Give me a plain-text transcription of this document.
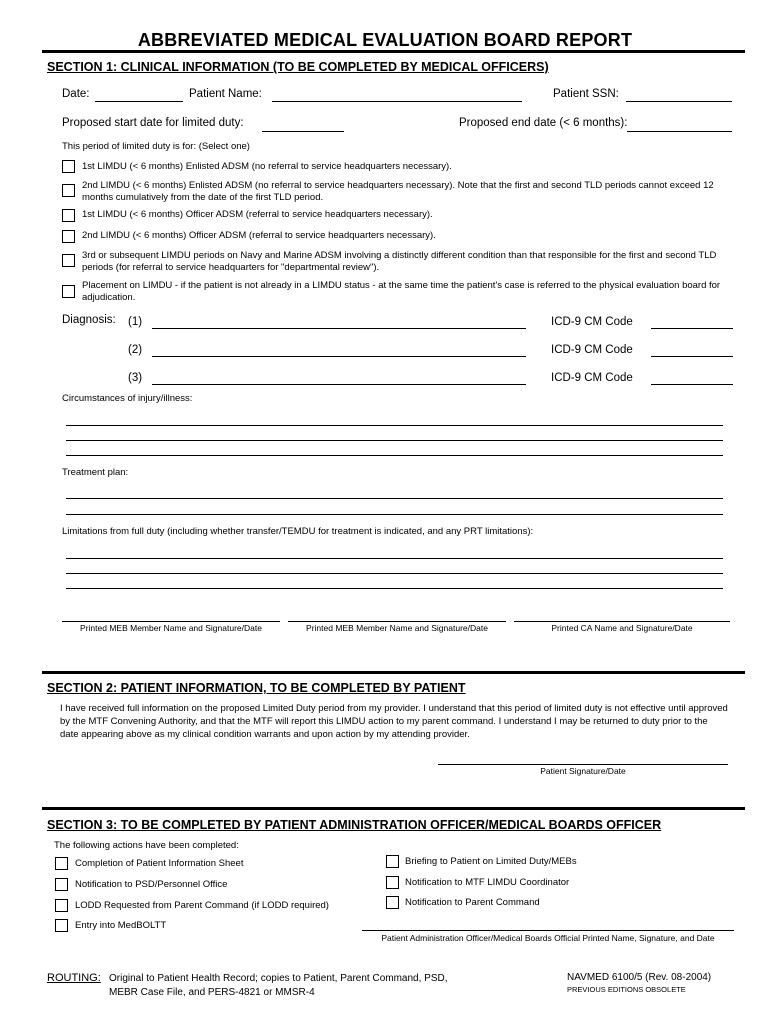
ABBREVIATED MEDICAL EVALUATION BOARD REPORT
SECTION 1: CLINICAL INFORMATION (TO BE COMPLETED BY MEDICAL OFFICERS)
Date:	Patient Name:	Patient SSN:
Proposed start date for limited duty:	Proposed end date (< 6 months):
This period of limited duty is for: (Select one)
1st LIMDU (< 6 months) Enlisted ADSM (no referral to service headquarters necessary).
2nd LIMDU (< 6 months) Enlisted ADSM (no referral to service headquarters necessary). Note that the first and second TLD periods cannot exceed 12 months cumulatively from the date of the first TLD period.
1st LIMDU (< 6 months) Officer ADSM (referral to service headquarters necessary).
2nd LIMDU (< 6 months) Officer ADSM (referral to service headquarters necessary).
3rd or subsequent LIMDU periods on Navy and Marine ADSM involving a distinctly different condition than that responsible for the first and second TLD periods (for referral to service headquarters for "departmental review").
Placement on LIMDU - if the patient is not already in a LIMDU status - at the same time the patient's case is referred to the physical evaluation board for adjudication.
Diagnosis: (1)	ICD-9 CM Code
(2)	ICD-9 CM Code
(3)	ICD-9 CM Code
Circumstances of injury/illness:
Treatment plan:
Limitations from full duty (including whether transfer/TEMDU for treatment is indicated, and any PRT limitations):
Printed MEB Member Name and Signature/Date	Printed MEB Member Name and Signature/Date	Printed CA Name and Signature/Date
SECTION 2: PATIENT INFORMATION, TO BE COMPLETED BY PATIENT
I have received full information on the proposed Limited Duty period from my provider. I understand that this period of limited duty is not effective until approved by the MTF Convening Authority, and that the MTF will report this LIMDU action to my parent command. I understand I may be returned to duty prior to the date appearing above as my clinical condition warrants and upon action by my attending provider.
Patient Signature/Date
SECTION 3: TO BE COMPLETED BY PATIENT ADMINISTRATION OFFICER/MEDICAL BOARDS OFFICER
The following actions have been completed:
Completion of Patient Information Sheet
Notification to PSD/Personnel Office
LODD Requested from Parent Command (if LODD required)
Entry into MedBOLTT
Briefing to Patient on Limited Duty/MEBs
Notification to MTF LIMDU Coordinator
Notification to Parent Command
Patient Administration Officer/Medical Boards Official Printed Name, Signature, and Date
ROUTING: Original to Patient Health Record; copies to Patient, Parent Command, PSD,
MEBR Case File, and PERS-4821 or MMSR-4
NAVMED 6100/5 (Rev. 08-2004)
PREVIOUS EDITIONS OBSOLETE
